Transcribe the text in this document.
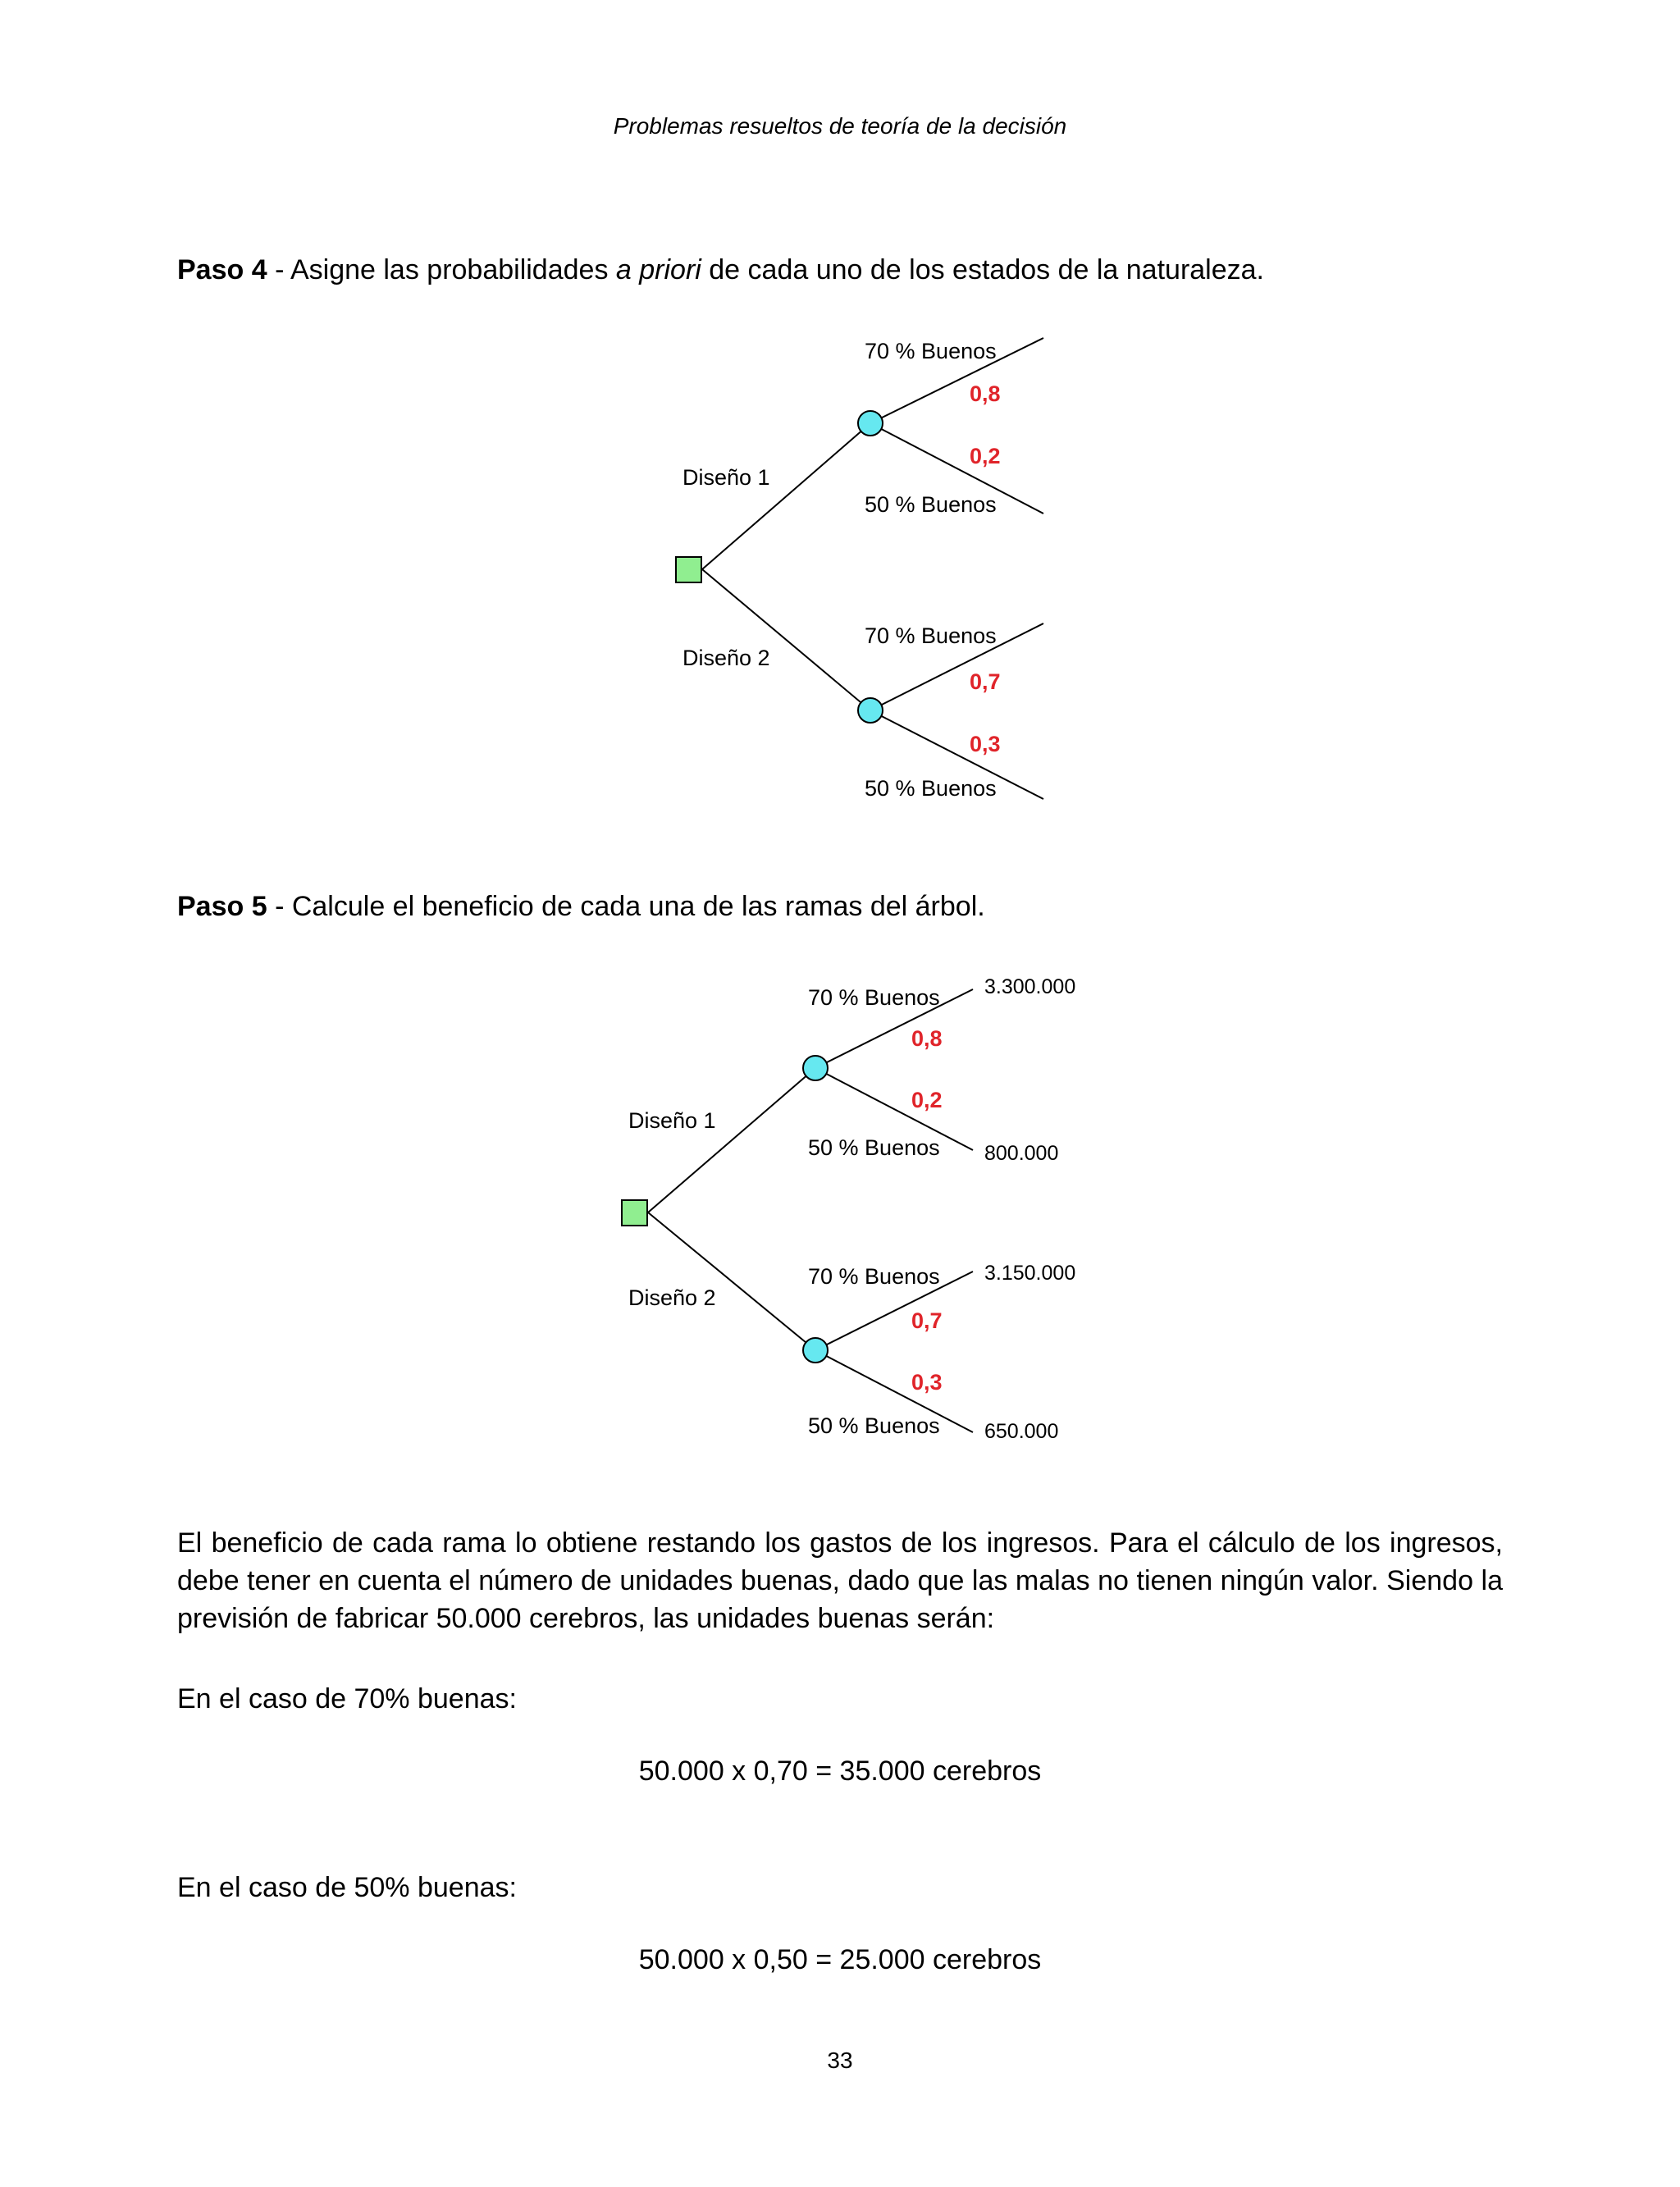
Problemas resueltos de teoría de la decisión
Paso 4 - Asigne las probabilidades a priori de cada uno de los estados de la naturaleza.
Diseño 1
Diseño 2
70 % Buenos
0,8
0,2
50 % Buenos
70 % Buenos
0,7
0,3
50 % Buenos
Paso 5 - Calcule el beneficio de cada una de las ramas del árbol.
Diseño 1
Diseño 2
70 % Buenos
0,8
0,2
50 % Buenos
70 % Buenos
0,7
0,3
50 % Buenos
3.300.000
800.000
3.150.000
650.000
El beneficio de cada rama lo obtiene restando los gastos de los ingresos. Para el cálculo de los ingresos, debe tener en cuenta el número de unidades buenas, dado que las malas no tienen ningún valor. Siendo la previsión de fabricar 50.000 cerebros, las unidades buenas serán:
En el caso de 70% buenas:
50.000 x 0,70 = 35.000 cerebros
En el caso de 50% buenas:
50.000 x 0,50 = 25.000 cerebros
33
